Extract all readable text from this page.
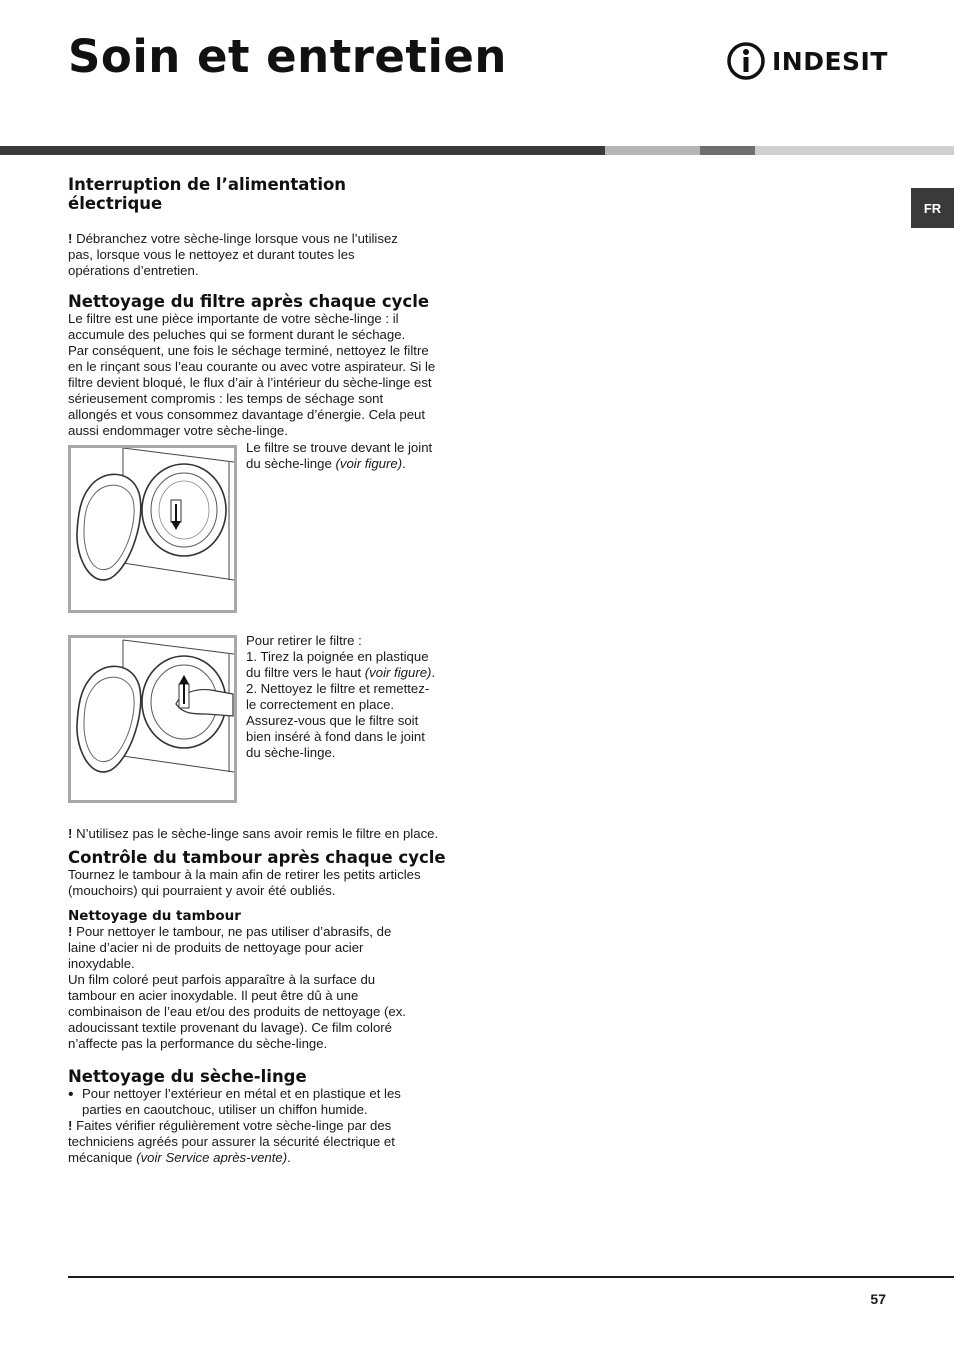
Soin et entretien	INDESIT
FR
Interruption de l’alimentation
électrique

! Débranchez votre sèche-linge lorsque vous ne l’utilisez
pas, lorsque vous le nettoyez et durant toutes les
opérations d’entretien.

Nettoyage du filtre après chaque cycle

Le filtre est une pièce importante de votre sèche-linge : il
accumule des peluches qui se forment durant le séchage.
Par conséquent, une fois le séchage terminé, nettoyez le filtre
en le rinçant sous l’eau courante ou avec votre aspirateur. Si le
filtre devient bloqué, le flux d’air à l’intérieur du sèche-linge est
sérieusement compromis : les temps de séchage sont
allongés et vous consommez davantage d’énergie. Cela peut
aussi endommager votre sèche-linge.

Le filtre se trouve devant le joint
du sèche-linge (voir figure).

Pour retirer le filtre :
1. Tirez la poignée en plastique
du filtre vers le haut (voir figure).
2. Nettoyez le filtre et remettez-
le correctement en place.
Assurez-vous que le filtre soit
bien inséré à fond dans le joint
du sèche-linge.

! N’utilisez pas le sèche-linge sans avoir remis le filtre en place.

Contrôle du tambour après chaque cycle

Tournez le tambour à la main afin de retirer les petits articles
(mouchoirs) qui pourraient y avoir été oubliés.

Nettoyage du tambour

! Pour nettoyer le tambour, ne pas utiliser d’abrasifs, de
laine d’acier ni de produits de nettoyage pour acier
inoxydable.
Un film coloré peut parfois apparaître à la surface du
tambour en acier inoxydable. Il peut être dû à une
combinaison de l’eau et/ou des produits de nettoyage (ex.
adoucissant textile provenant du lavage). Ce film coloré
n’affecte pas la performance du sèche-linge.

Nettoyage du sèche-linge
• Pour nettoyer l’extérieur en métal et en plastique et les
parties en caoutchouc, utiliser un chiffon humide.

! Faites vérifier régulièrement votre sèche-linge par des
techniciens agréés pour assurer la sécurité électrique et
mécanique (voir Service après-vente).

57
